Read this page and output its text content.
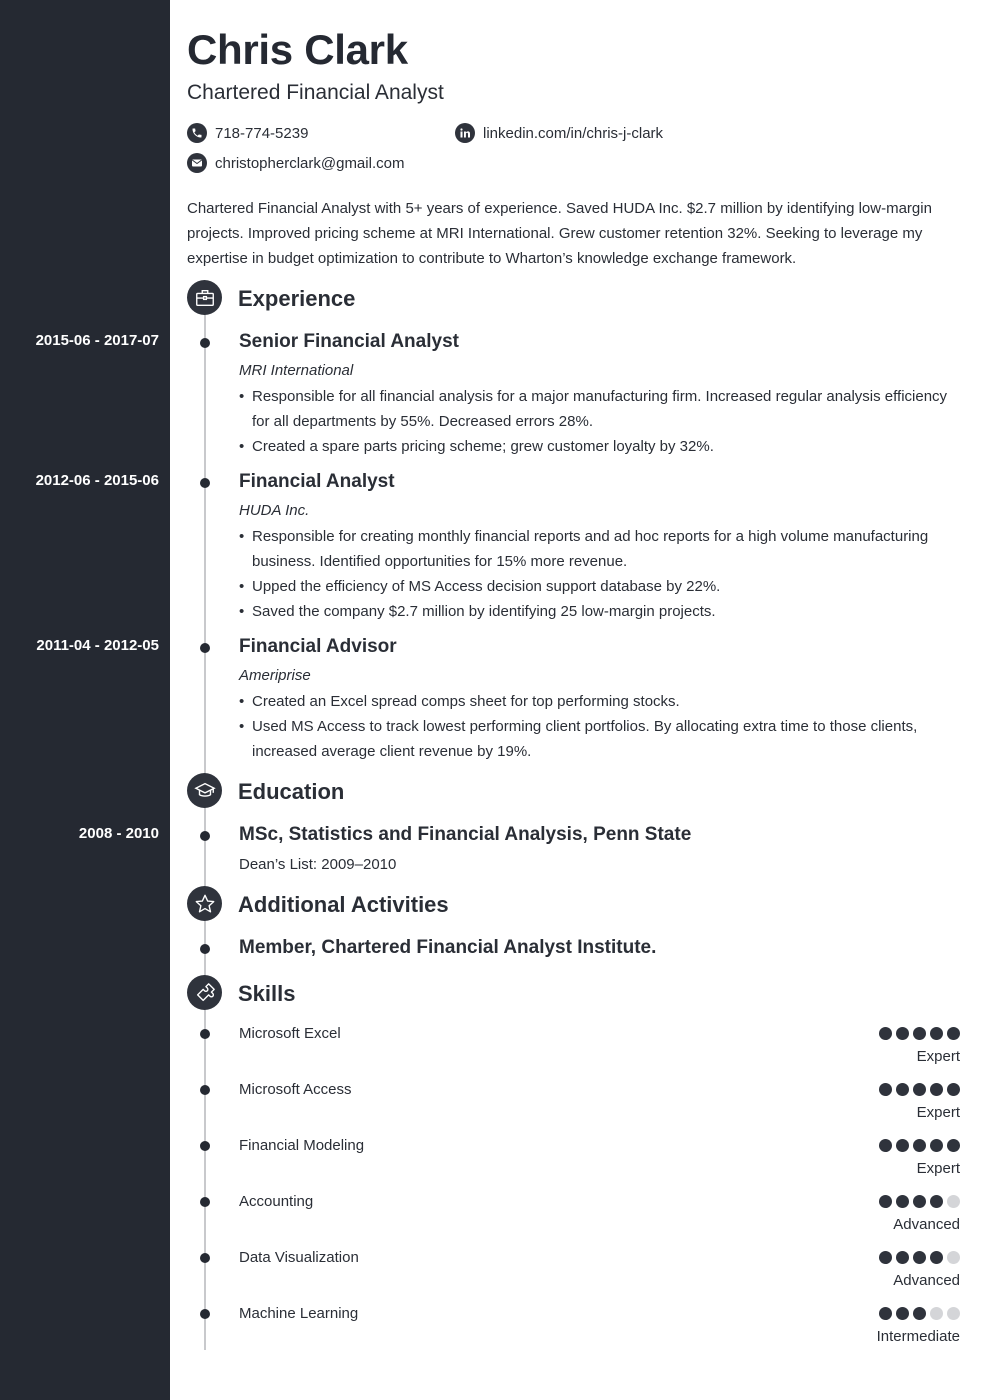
Chris Clark
Chartered Financial Analyst
718-774-5239	linkedin.com/in/chris-j-clark
christopherclark@gmail.com
Chartered Financial Analyst with 5+ years of experience. Saved HUDA Inc. $2.7 million by identifying low-margin projects. Improved pricing scheme at MRI International. Grew customer retention 32%. Seeking to leverage my expertise in budget optimization to contribute to Wharton’s knowledge exchange framework.
Experience
2015-06 - 2017-07	Senior Financial Analyst
MRI International
• Responsible for all financial analysis for a major manufacturing firm. Increased regular analysis efficiency for all departments by 55%. Decreased errors 28%.
• Created a spare parts pricing scheme; grew customer loyalty by 32%.
2012-06 - 2015-06	Financial Analyst
HUDA Inc.
• Responsible for creating monthly financial reports and ad hoc reports for a high volume manufacturing business. Identified opportunities for 15% more revenue.
• Upped the efficiency of MS Access decision support database by 22%.
• Saved the company $2.7 million by identifying 25 low-margin projects.
2011-04 - 2012-05	Financial Advisor
Ameriprise
• Created an Excel spread comps sheet for top performing stocks.
• Used MS Access to track lowest performing client portfolios. By allocating extra time to those clients, increased average client revenue by 19%.
Education
2008 - 2010	MSc, Statistics and Financial Analysis, Penn State
Dean’s List: 2009–2010
Additional Activities
Member, Chartered Financial Analyst Institute.
Skills
Microsoft Excel
Expert
Microsoft Access
Expert
Financial Modeling
Expert
Accounting
Advanced
Data Visualization
Advanced
Machine Learning
Intermediate
